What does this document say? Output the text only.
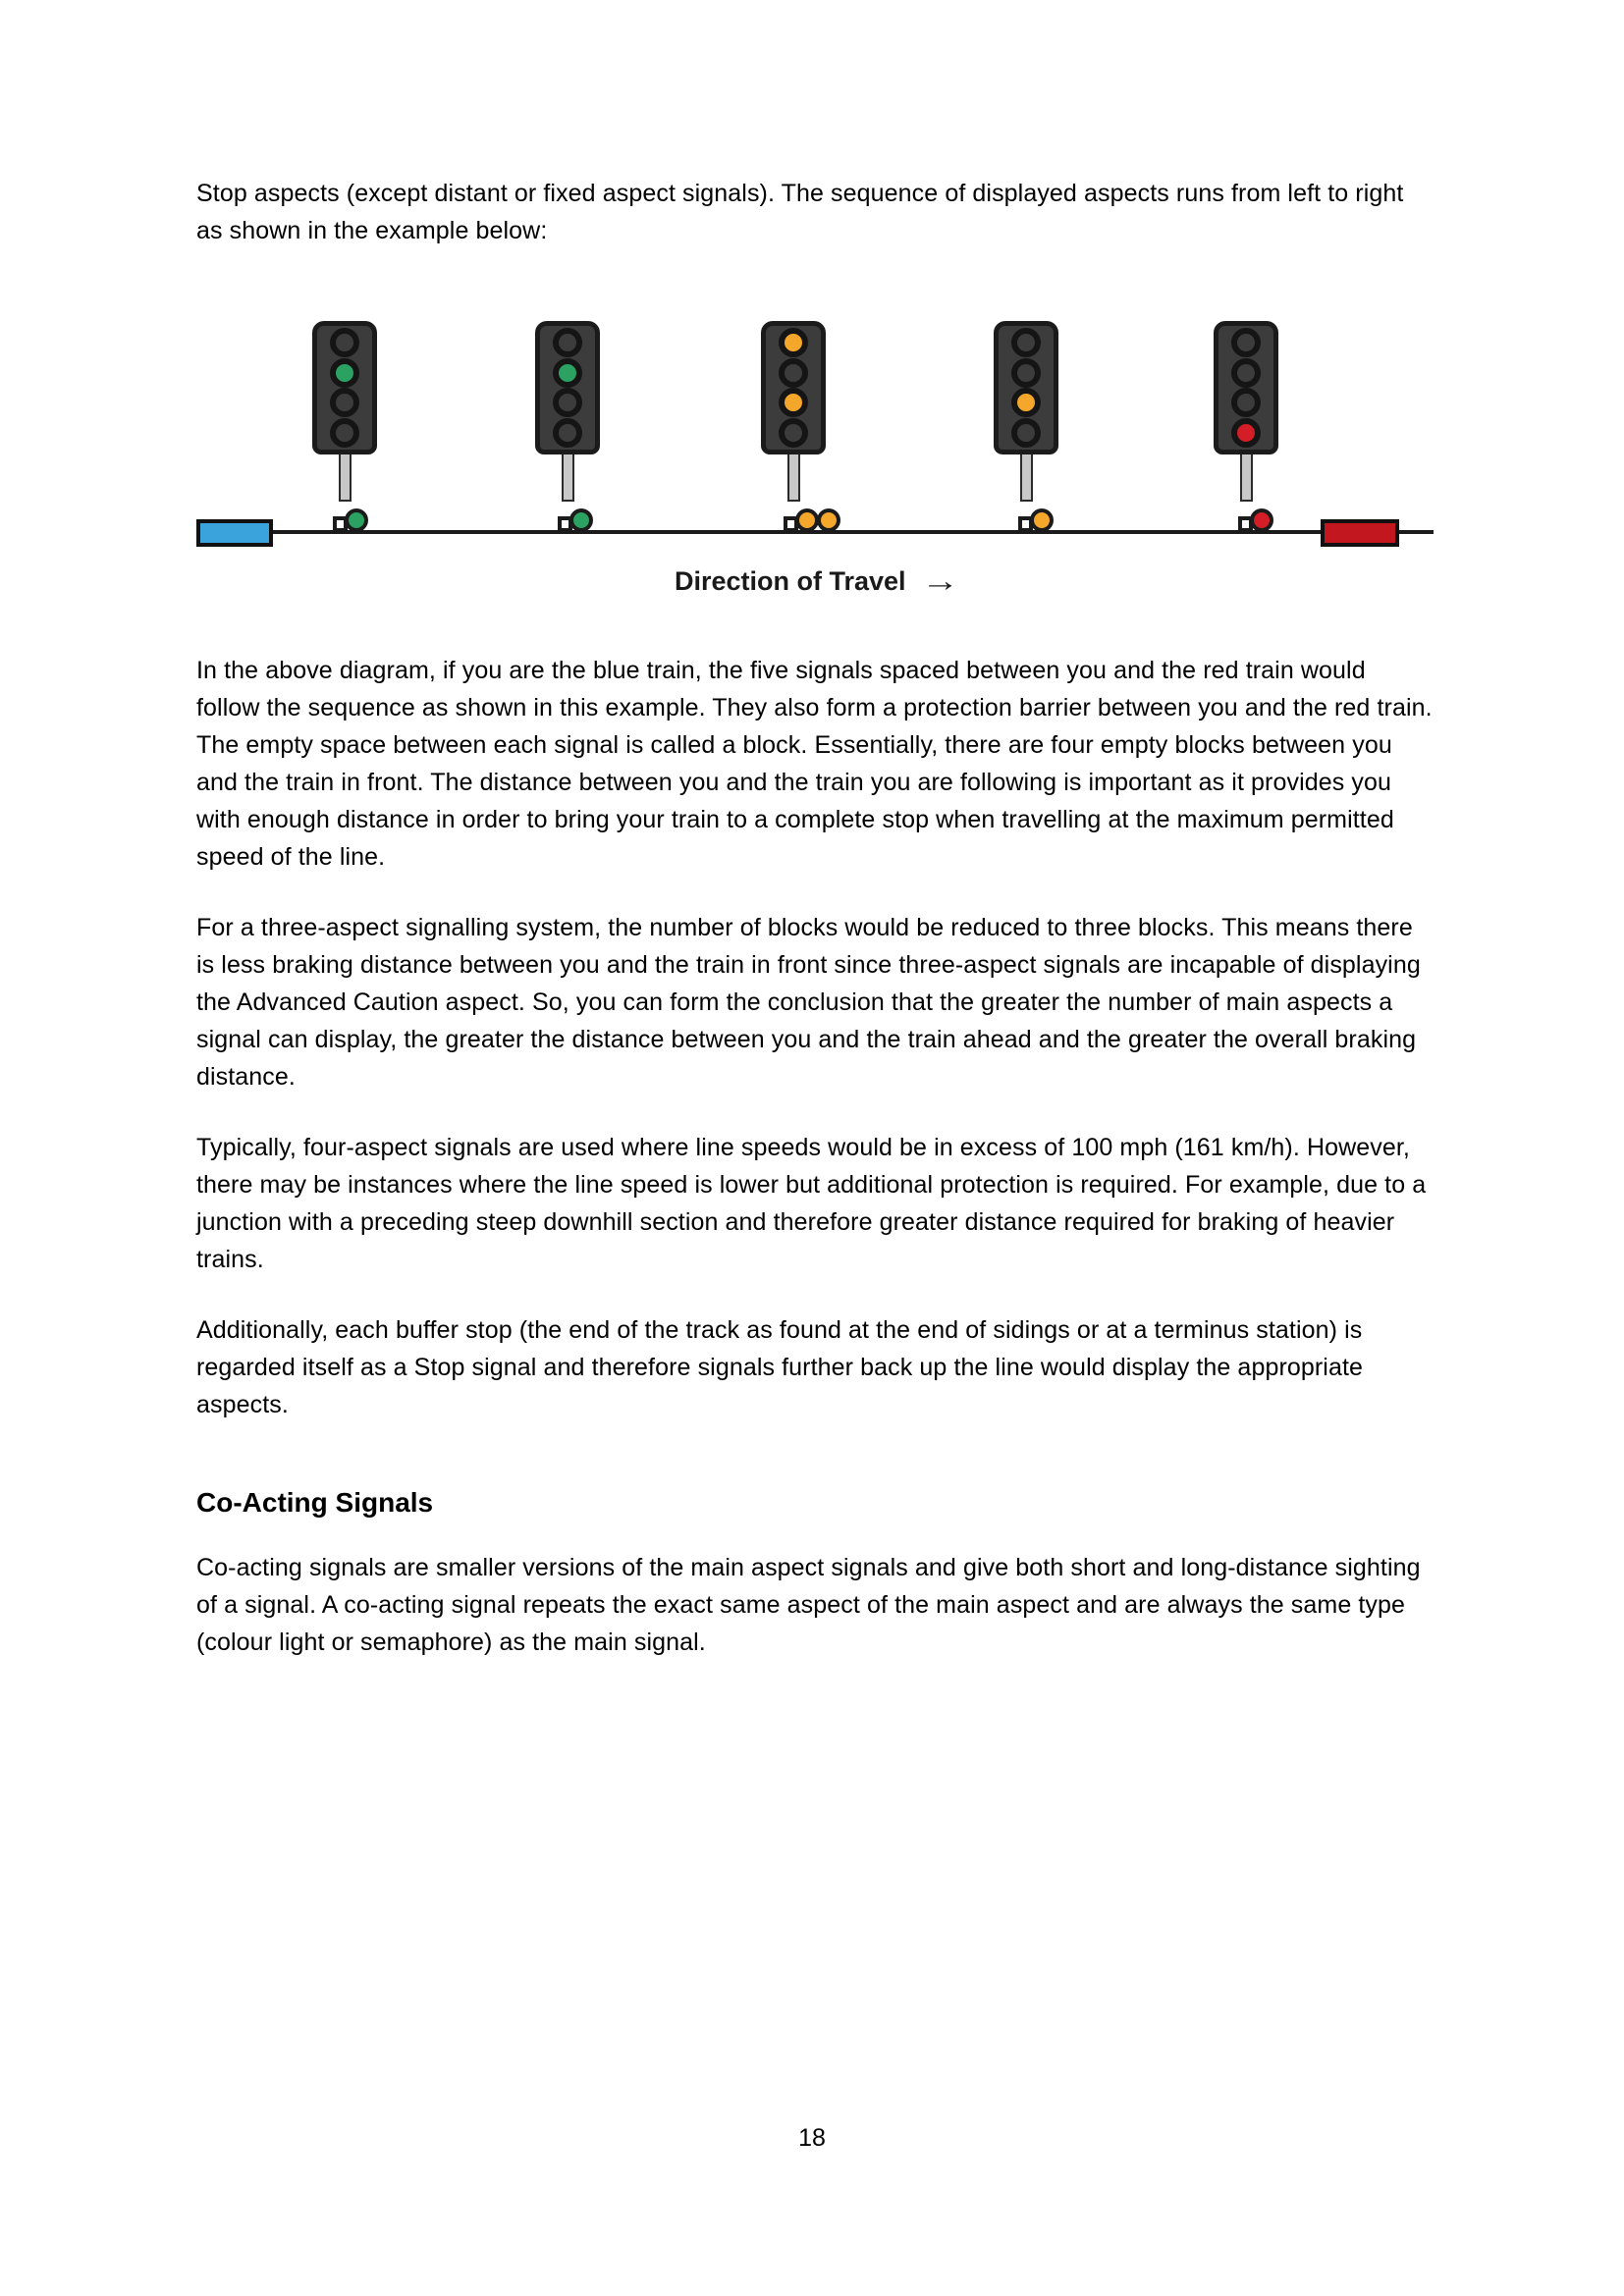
Stop aspects (except distant or fixed aspect signals). The sequence of displayed aspects runs from left to right as shown in the example below:

Direction of Travel →

In the above diagram, if you are the blue train, the five signals spaced between you and the red train would follow the sequence as shown in this example. They also form a protection barrier between you and the red train. The empty space between each signal is called a block. Essentially, there are four empty blocks between you and the train in front. The distance between you and the train you are following is important as it provides you with enough distance in order to bring your train to a complete stop when travelling at the maximum permitted speed of the line.

For a three-aspect signalling system, the number of blocks would be reduced to three blocks. This means there is less braking distance between you and the train in front since three-aspect signals are incapable of displaying the Advanced Caution aspect. So, you can form the conclusion that the greater the number of main aspects a signal can display, the greater the distance between you and the train ahead and the greater the overall braking distance.

Typically, four-aspect signals are used where line speeds would be in excess of 100 mph (161 km/h). However, there may be instances where the line speed is lower but additional protection is required. For example, due to a junction with a preceding steep downhill section and therefore greater distance required for braking of heavier trains.

Additionally, each buffer stop (the end of the track as found at the end of sidings or at a terminus station) is regarded itself as a Stop signal and therefore signals further back up the line would display the appropriate aspects.

Co-Acting Signals

Co-acting signals are smaller versions of the main aspect signals and give both short and long-distance sighting of a signal. A co-acting signal repeats the exact same aspect of the main aspect and are always the same type (colour light or semaphore) as the main signal.

18
